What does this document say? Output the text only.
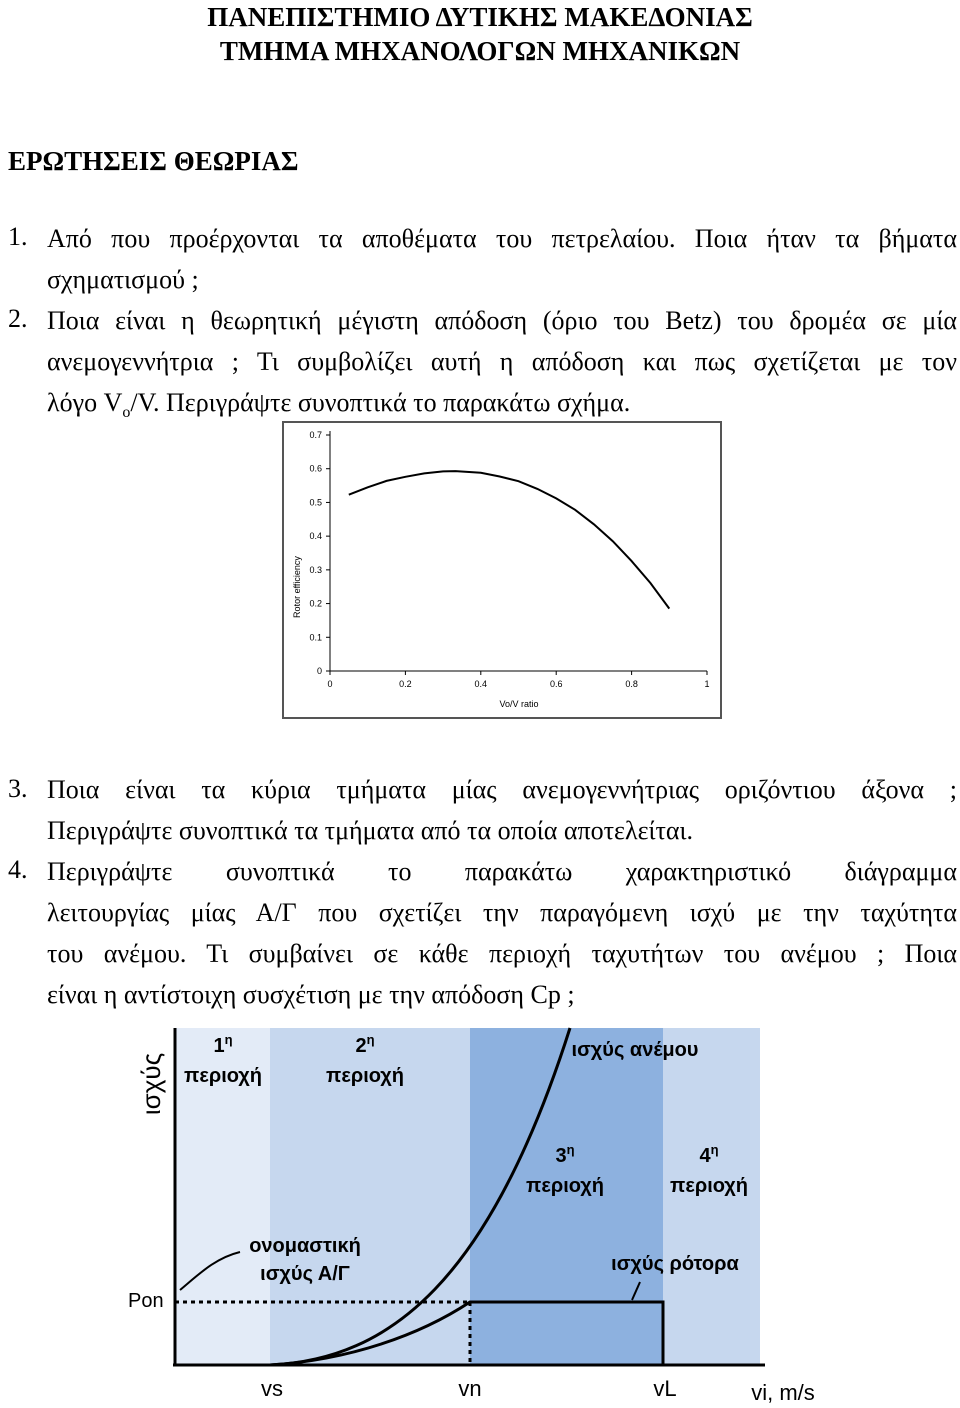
ΠΑΝΕΠΙΣΤΗΜΙΟ ΔΥΤΙΚΗΣ ΜΑΚΕΔΟΝΙΑΣ
ΤΜΗΜΑ ΜΗΧΑΝΟΛΟΓΩΝ ΜΗΧΑΝΙΚΩΝ
ΕΡΩΤΗΣΕΙΣ ΘΕΩΡΙΑΣ
1. Από που προέρχονται τα αποθέματα του πετρελαίου. Ποια ήταν τα βήματα
σχηματισμού ;
2. Ποια είναι η θεωρητική μέγιστη απόδοση (όριο του Betz) του δρομέα σε μία
ανεμογεννήτρια ; Τι συμβολίζει αυτή η απόδοση και πως σχετίζεται με τον
λόγο $V_o/V$. Περιγράψτε συνοπτικά το παρακάτω σχήμα.
0
0.1
0.2
0.3
0.4
0.5
0.6
0.7
0	0.2	0.4	0.6	0.8	1
Vo/V ratio
Rotor efficiency
3. Ποια είναι τα κύρια τμήματα μίας ανεμογεννήτριας οριζόντιου άξονα ;
Περιγράψτε συνοπτικά τα τμήματα από τα οποία αποτελείται.
4. Περιγράψτε συνοπτικά το παρακάτω χαρακτηριστικό διάγραμμα
λειτουργίας μίας Α/Γ που σχετίζει την παραγόμενη ισχύ με την ταχύτητα
του ανέμου. Τι συμβαίνει σε κάθε περιοχή ταχυτήτων του ανέμου ; Ποια
είναι η αντίστοιχη συσχέτιση με την απόδοση Cp ;
ισχύς
Pon
$1^\eta$
περιοχή
$2^\eta$
περιοχή
$3^\eta$
περιοχή
$4^\eta$
περιοχή
ισχύς ανέμου
ισχύς ρότορα
ονομαστική
ισχύς Α/Γ
vs	vn	vL	vi, m/s
